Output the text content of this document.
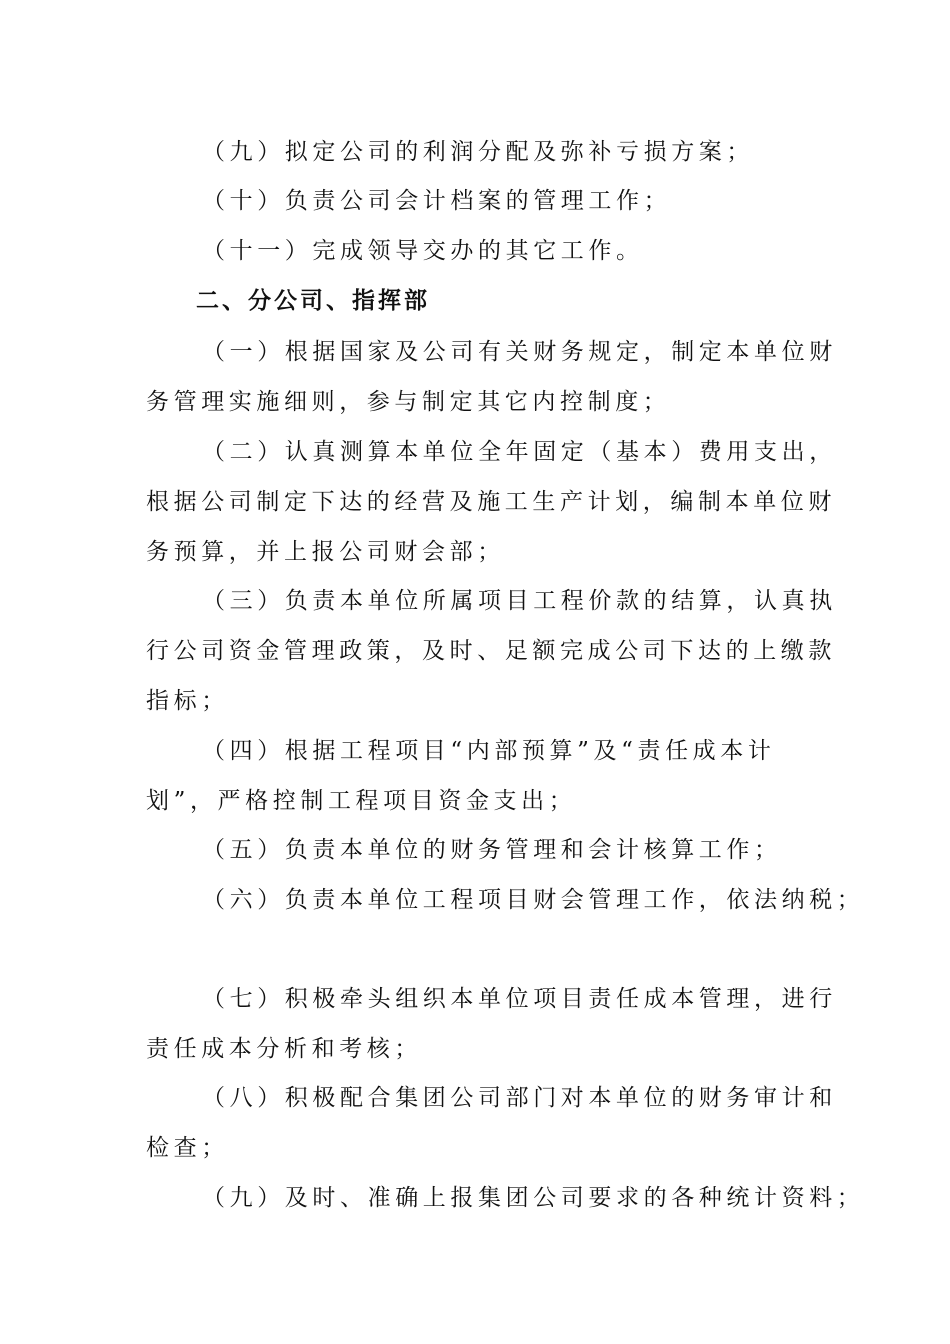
（九）拟定公司的利润分配及弥补亏损方案；
（十）负责公司会计档案的管理工作；
（十一）完成领导交办的其它工作。
二、分公司、指挥部
（一）根据国家及公司有关财务规定，制定本单位财
务管理实施细则，参与制定其它内控制度；
（二）认真测算本单位全年固定（基本）费用支出，
根据公司制定下达的经营及施工生产计划，编制本单位财
务预算，并上报公司财会部；
（三）负责本单位所属项目工程价款的结算，认真执
行公司资金管理政策，及时、足额完成公司下达的上缴款
指标；
（四）根据工程项目“内部预算”及“责任成本计
划”，严格控制工程项目资金支出；
（五）负责本单位的财务管理和会计核算工作；
（六）负责本单位工程项目财会管理工作，依法纳税；
（七）积极牵头组织本单位项目责任成本管理，进行
责任成本分析和考核；
（八）积极配合集团公司部门对本单位的财务审计和
检查；
（九）及时、准确上报集团公司要求的各种统计资料；
